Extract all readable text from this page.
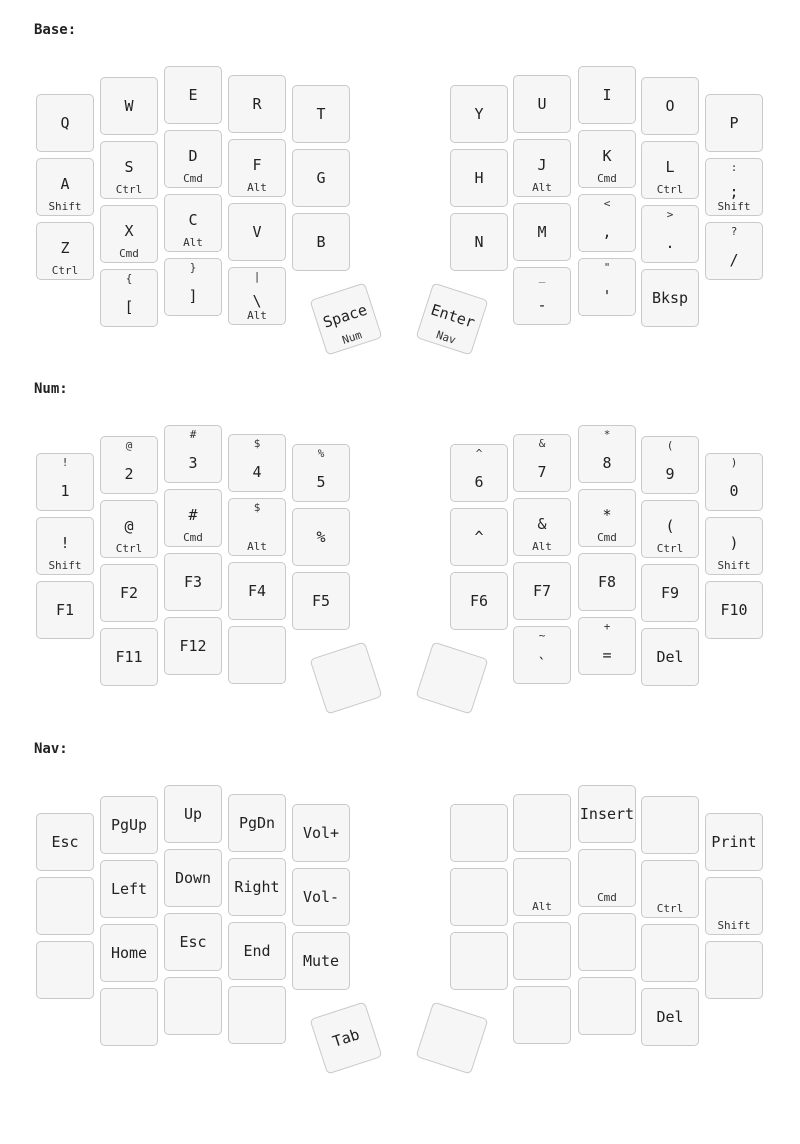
Base:
Q
W
E	R
T
A
Shift
S
Ctrl
D
Cmd
F
Alt
G
Z
Ctrl
X
Cmd
C
Alt
V
B
{
[
}
]
|
\
Alt	Space
Num
Y
U	I
O
P
H
J
Alt
K
Cmd
L
Ctrl
:
;
Shift
N
M
<
,
>
.
?
/
_
-
"
'	Bksp
Enter
Nav
Num:
!
1
@
2
#
3
$
4
%
5
!
Shift
@
Ctrl
#
Cmd
$
Alt
%
F1
F2
F3	F4
F5
F11
F12
^
6
&
7
*
8
(
9
)
0
^
&
Alt
*
Cmd
(
Ctrl	)
Shift
F6
F7	F8
F9
F10
~
`
+
=	Del
Nav:
Esc
PgUp
Up	PgDn
Vol+
Left
Down	Right
Vol-
Home
Esc	End
Mute
Tab
Insert
Print
Alt
Cmd
Ctrl
Shift
Del
